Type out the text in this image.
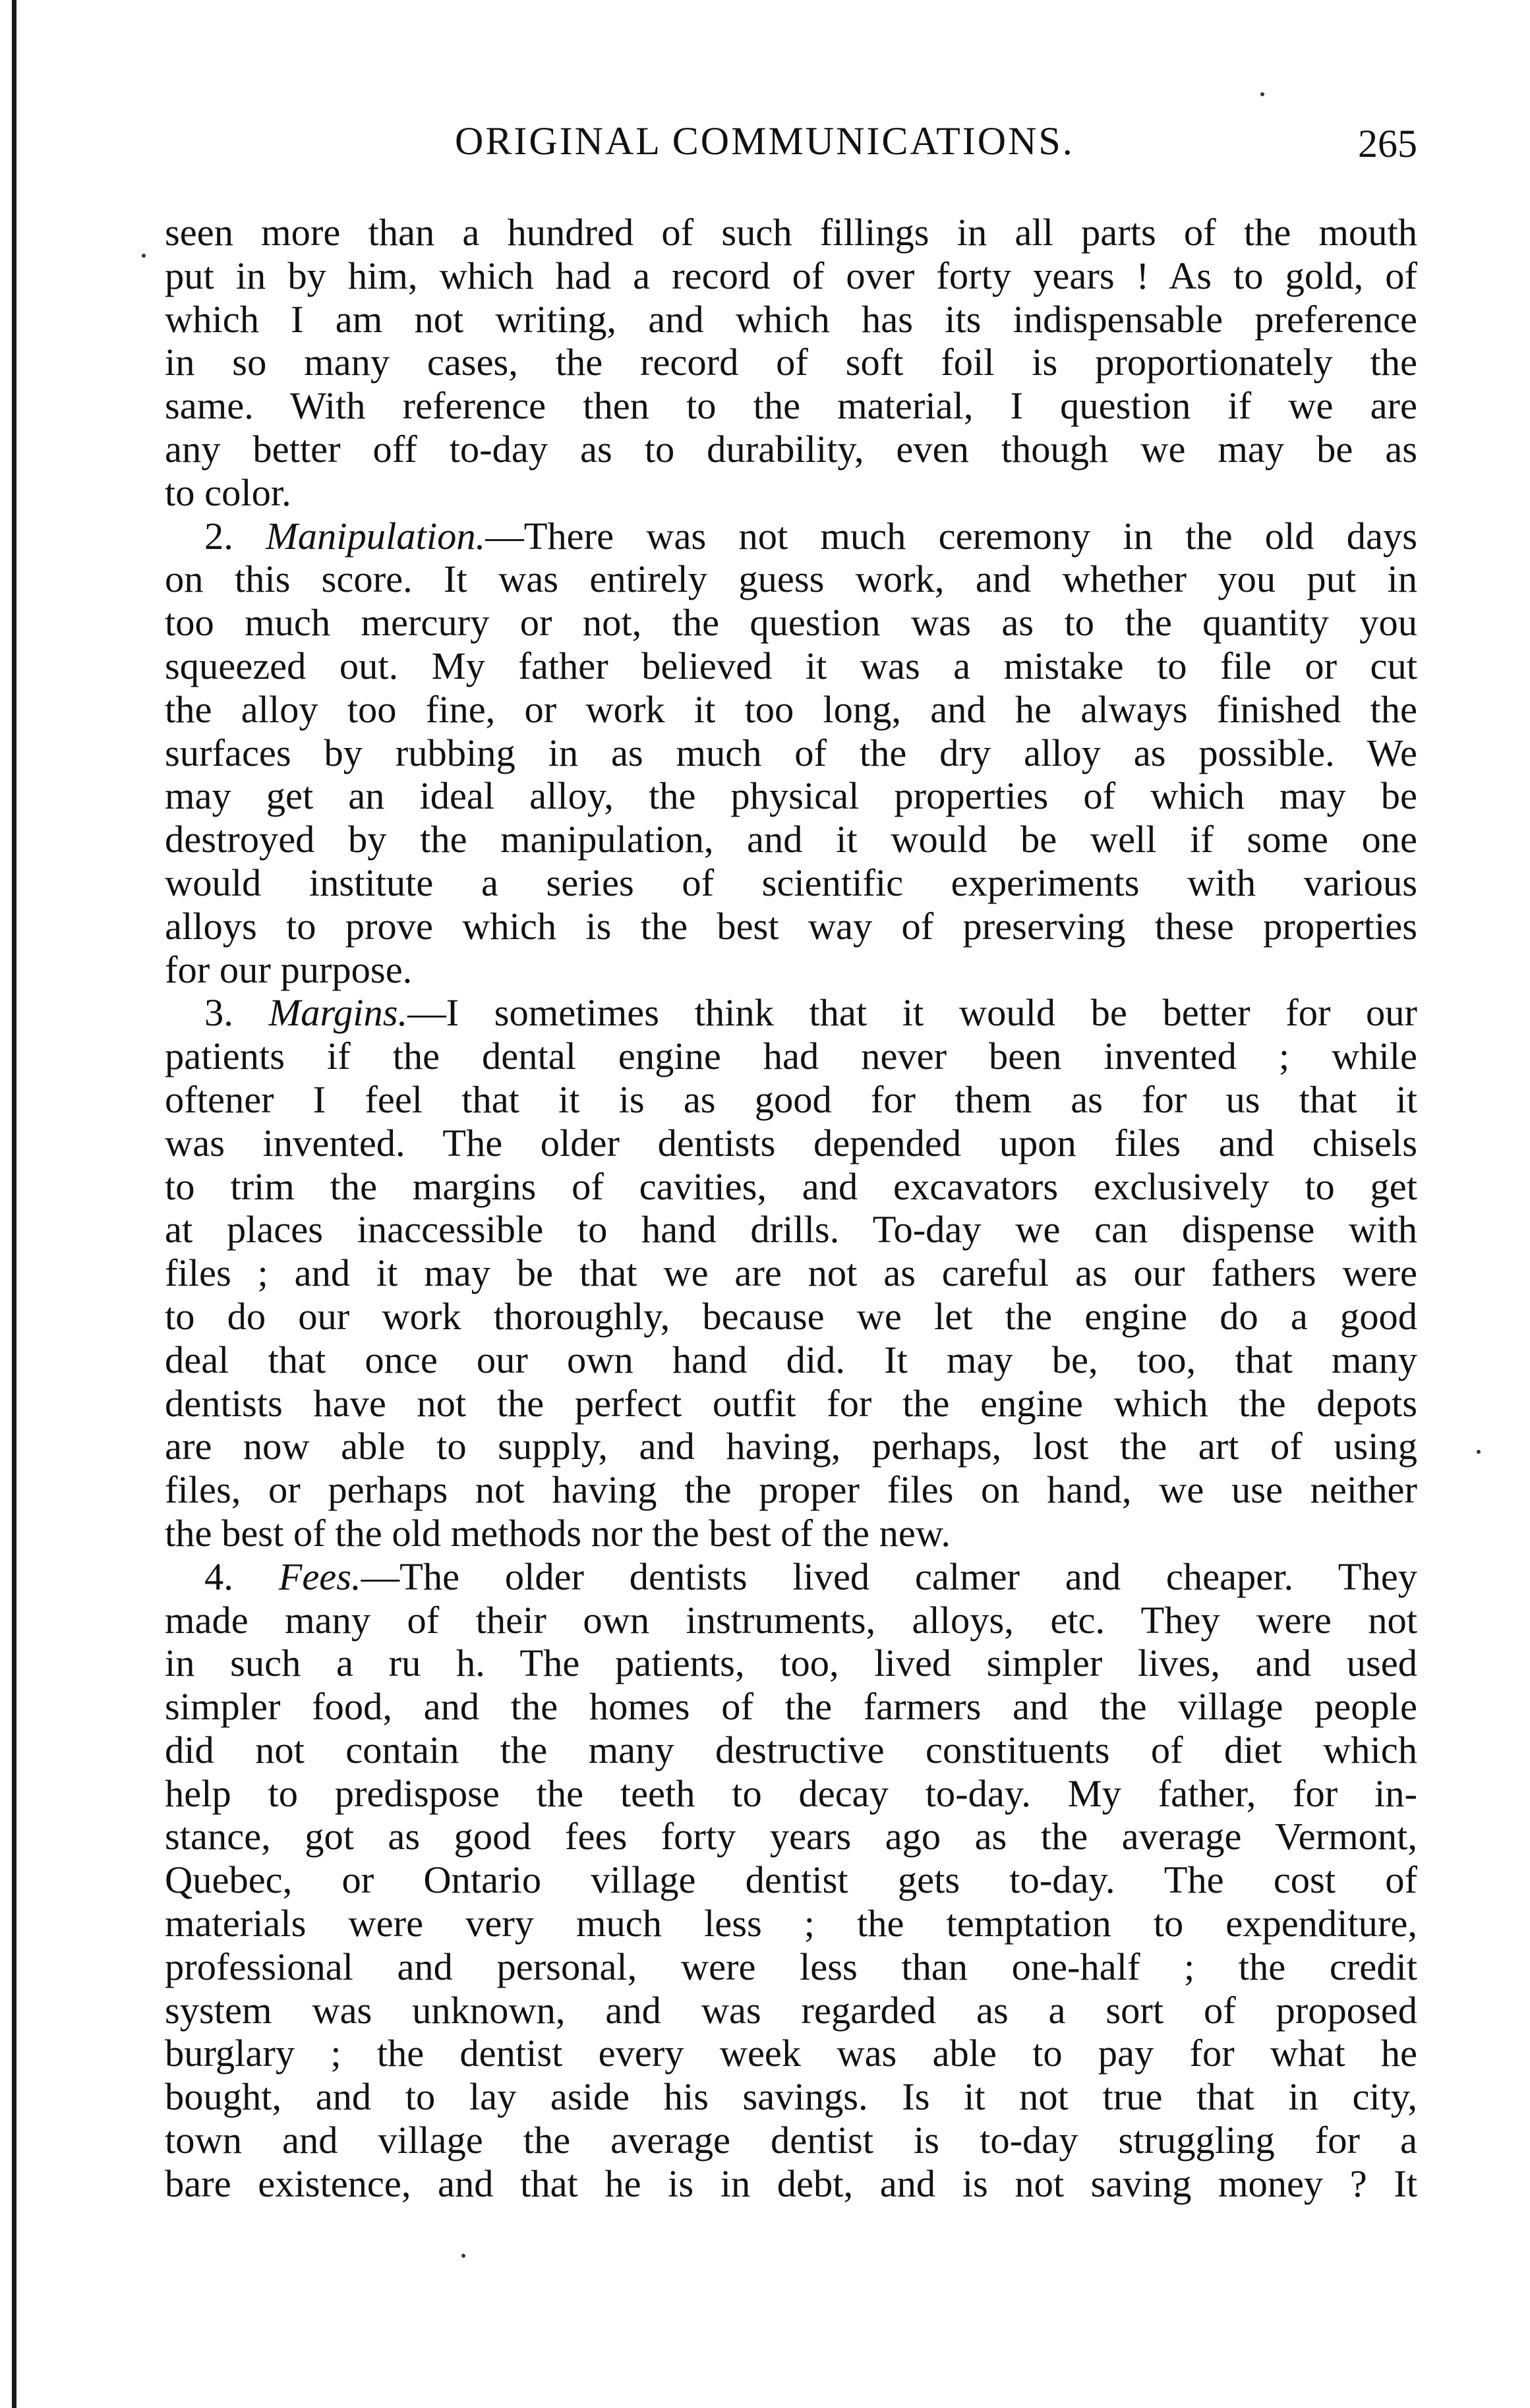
ORIGINAL COMMUNICATIONS.	265
seen more than a hundred of such fillings in all parts of the mouth
put in by him, which had a record of over forty years ! As to gold, of
which I am not writing, and which has its indispensable preference
in so many cases, the record of soft foil is proportionately the
same. With reference then to the material, I question if we are
any better off to-day as to durability, even though we may be as
to color.
2. Manipulation.—There was not much ceremony in the old days
on this score. It was entirely guess work, and whether you put in
too much mercury or not, the question was as to the quantity you
squeezed out. My father believed it was a mistake to file or cut
the alloy too fine, or work it too long, and he always finished the
surfaces by rubbing in as much of the dry alloy as possible. We
may get an ideal alloy, the physical properties of which may be
destroyed by the manipulation, and it would be well if some one
would institute a series of scientific experiments with various
alloys to prove which is the best way of preserving these properties
for our purpose.
3. Margins.—I sometimes think that it would be better for our
patients if the dental engine had never been invented ; while
oftener I feel that it is as good for them as for us that it
was invented. The older dentists depended upon files and chisels
to trim the margins of cavities, and excavators exclusively to get
at places inaccessible to hand drills. To-day we can dispense with
files ; and it may be that we are not as careful as our fathers were
to do our work thoroughly, because we let the engine do a good
deal that once our own hand did. It may be, too, that many
dentists have not the perfect outfit for the engine which the depots
are now able to supply, and having, perhaps, lost the art of using
files, or perhaps not having the proper files on hand, we use neither
the best of the old methods nor the best of the new.
4. Fees.—The older dentists lived calmer and cheaper. They
made many of their own instruments, alloys, etc. They were not
in such a ru h. The patients, too, lived simpler lives, and used
simpler food, and the homes of the farmers and the village people
did not contain the many destructive constituents of diet which
help to predispose the teeth to decay to-day. My father, for in-
stance, got as good fees forty years ago as the average Vermont,
Quebec, or Ontario village dentist gets to-day. The cost of
materials were very much less ; the temptation to expenditure,
professional and personal, were less than one-half ; the credit
system was unknown, and was regarded as a sort of proposed
burglary ; the dentist every week was able to pay for what he
bought, and to lay aside his savings. Is it not true that in city,
town and village the average dentist is to-day struggling for a
bare existence, and that he is in debt, and is not saving money ? It
